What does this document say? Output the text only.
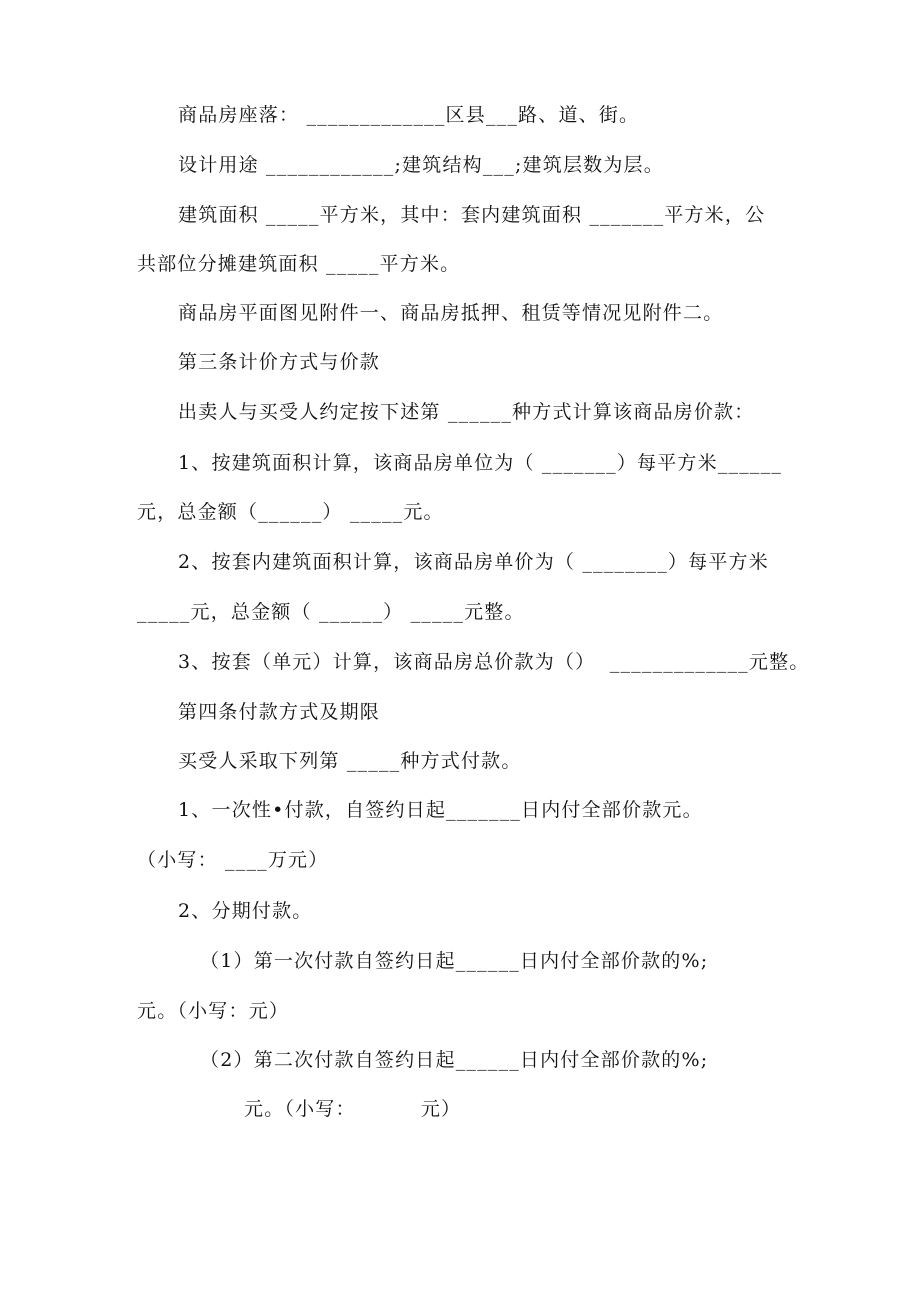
商品房座落： _____________区县___路、道、街。
设计用途 ____________;建筑结构___;建筑层数为层。
建筑面积 _____平方米，其中：套内建筑面积 _______平方米，公
共部位分摊建筑面积 _____平方米。
商品房平面图见附件一、商品房抵押、租赁等情况见附件二。
第三条计价方式与价款
出卖人与买受人约定按下述第 ______种方式计算该商品房价款：
1、按建筑面积计算，该商品房单位为（ _______）每平方米______
元，总金额（______） _____元。
2、按套内建筑面积计算，该商品房单价为（ ________）每平方米
_____元，总金额（ ______） _____元整。
3、按套（单元）计算，该商品房总价款为（）  _____________元整。
第四条付款方式及期限
买受人采取下列第 _____种方式付款。
1、一次性•付款，自签约日起_______日内付全部价款元。
（小写： ____万元）
2、分期付款。
（1）第一次付款自签约日起______日内付全部价款的%;
元。（小写：元）
（2）第二次付款自签约日起______日内付全部价款的%;
元。（小写：         元）
